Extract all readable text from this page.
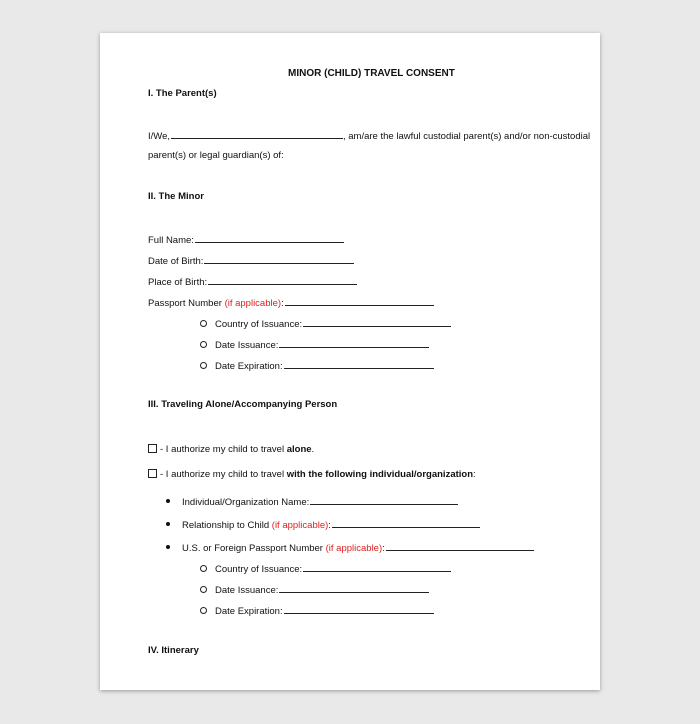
MINOR (CHILD) TRAVEL CONSENT
I. The Parent(s)
I/We,	, am/are the lawful custodial parent(s) and/or non-custodial
parent(s) or legal guardian(s) of:
II. The Minor
Full Name:
Date of Birth:
Place of Birth:
Passport Number (if applicable):
Country of Issuance:
Date Issuance:
Date Expiration:
III. Traveling Alone/Accompanying Person
- I authorize my child to travel alone.
- I authorize my child to travel with the following individual/organization:
Individual/Organization Name:
Relationship to Child (if applicable):
U.S. or Foreign Passport Number (if applicable):
Country of Issuance:
Date Issuance:
Date Expiration:
IV. Itinerary
